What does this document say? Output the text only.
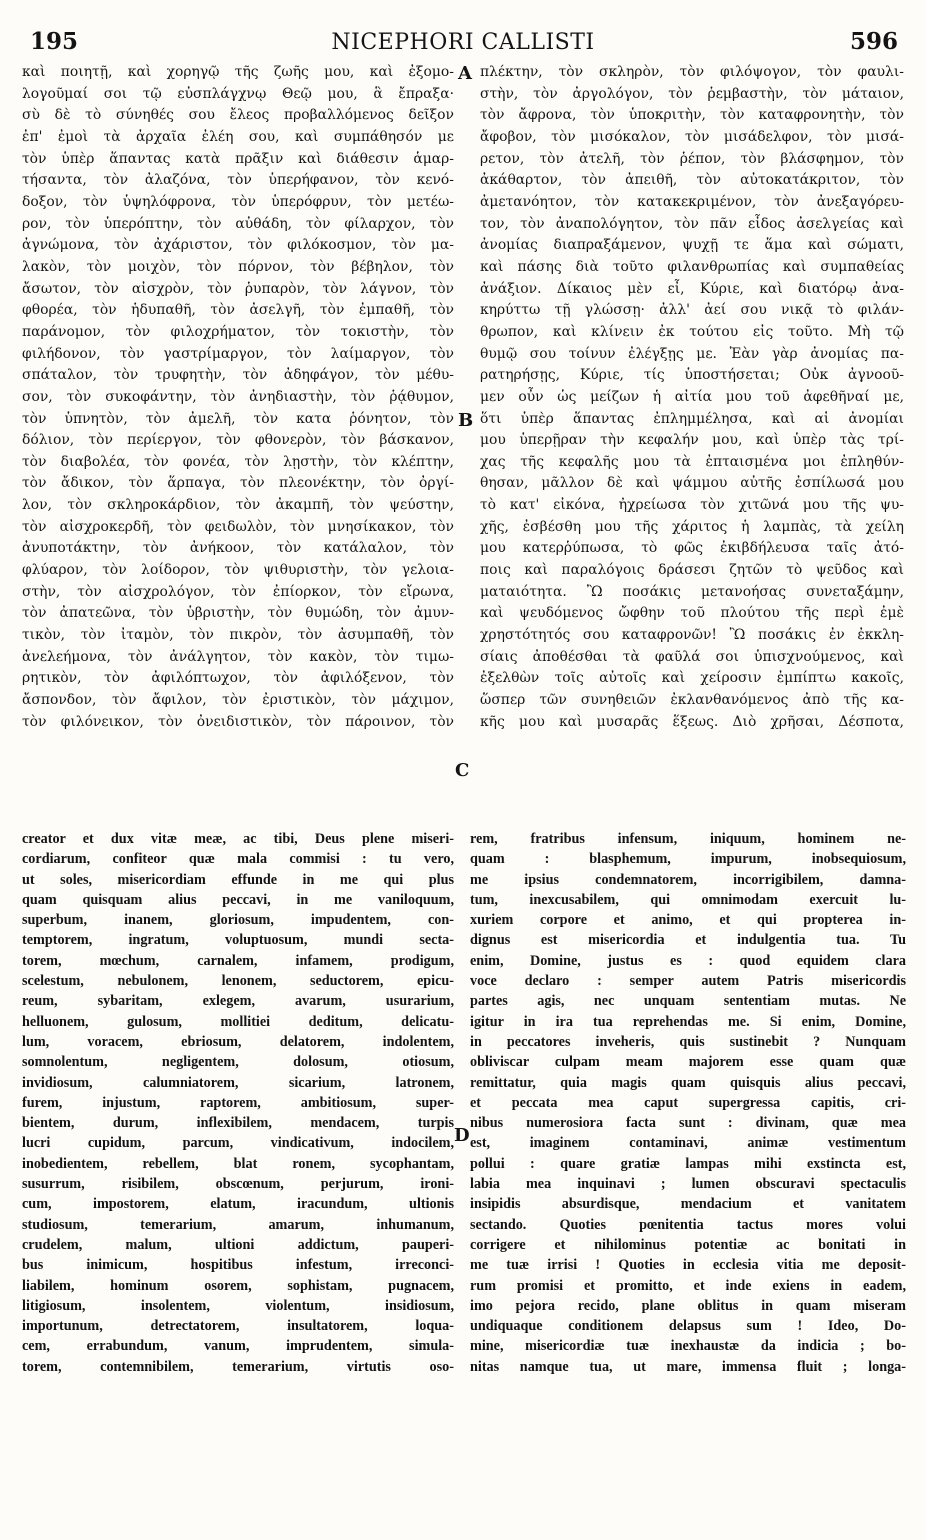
195	NICEPHORI CALLISTI	596
A
B
C
D
καὶ ποιητῇ, καὶ χορηγῷ τῆς ζωῆς μου, καὶ ἐξομο-
λογοῦμαί σοι τῷ εὐσπλάγχνῳ Θεῷ μου, ἃ ἔπραξα·
σὺ δὲ τὸ σύνηθές σου ἔλεος προβαλλόμενος δεῖξον
ἐπ' ἐμοὶ τὰ ἀρχαῖα ἐλέη σου, καὶ συμπάθησόν με
τὸν ὑπὲρ ἅπαντας κατὰ πρᾶξιν καὶ διάθεσιν ἁμαρ-
τήσαντα, τὸν ἀλαζόνα, τὸν ὑπερήφανον, τὸν κενό-
δοξον, τὸν ὑψηλόφρονα, τὸν ὑπερόφρυν, τὸν μετέω-
ρον, τὸν ὑπερόπτην, τὸν αὐθάδη, τὸν φίλαρχον, τὸν
ἀγνώμονα, τὸν ἀχάριστον, τὸν φιλόκοσμον, τὸν μα-
λακὸν, τὸν μοιχὸν, τὸν πόρνον, τὸν βέβηλον, τὸν
ἄσωτον, τὸν αἰσχρὸν, τὸν ῥυπαρὸν, τὸν λάγνον, τὸν
φθορέα, τὸν ἡδυπαθῆ, τὸν ἀσελγῆ, τὸν ἐμπαθῆ, τὸν
παράνομον, τὸν φιλοχρήματον, τὸν τοκιστὴν, τὸν
φιλήδονον, τὸν γαστρίμαργον, τὸν λαίμαργον, τὸν
σπάταλον, τὸν τρυφητὴν, τὸν ἀδηφάγον, τὸν μέθυ-
σον, τὸν συκοφάντην, τὸν ἀνηδιαστὴν, τὸν ῥᾴθυμον,
τὸν ὑπνητὸν, τὸν ἀμελῆ, τὸν κατα ῥόνητον, τὸν
δόλιον, τὸν περίεργον, τὸν φθονερὸν, τὸν βάσκανον,
τὸν διαβολέα, τὸν φονέα, τὸν λῃστὴν, τὸν κλέπτην,
τὸν ἄδικον, τὸν ἅρπαγα, τὸν πλεονέκτην, τὸν ὀργί-
λον, τὸν σκληροκάρδιον, τὸν ἀκαμπῆ, τὸν ψεύστην,
τὸν αἰσχροκερδῆ, τὸν φειδωλὸν, τὸν μνησίκακον, τὸν
ἀνυποτάκτην, τὸν ἀνήκοον, τὸν κατάλαλον, τὸν
φλύαρον, τὸν λοίδορον, τὸν ψιθυριστὴν, τὸν γελοια-
στὴν, τὸν αἰσχρολόγον, τὸν ἐπίορκον, τὸν εἴρωνα,
τὸν ἀπατεῶνα, τὸν ὑβριστὴν, τὸν θυμώδη, τὸν ἀμυν-
τικὸν, τὸν ἰταμὸν, τὸν πικρὸν, τὸν ἀσυμπαθῆ, τὸν
ἀνελεήμονα, τὸν ἀνάλγητον, τὸν κακὸν, τὸν τιμω-
ρητικὸν, τὸν ἀφιλόπτωχον, τὸν ἀφιλόξενον, τὸν
ἄσπονδον, τὸν ἄφιλον, τὸν ἐριστικὸν, τὸν μάχιμον,
τὸν φιλόνεικον, τὸν ὀνειδιστικὸν, τὸν πάροινον, τὸν
πλέκτην, τὸν σκληρὸν, τὸν φιλόψογον, τὸν φαυλι-
στὴν, τὸν ἀργολόγον, τὸν ῥεμβαστὴν, τὸν μάταιον,
τὸν ἄφρονα, τὸν ὑποκριτὴν, τὸν καταφρονητὴν, τὸν
ἄφοβον, τὸν μισόκαλον, τὸν μισάδελφον, τὸν μισά-
ρετον, τὸν ἀτελῆ, τὸν ῥέπον, τὸν βλάσφημον, τὸν
ἀκάθαρτον, τὸν ἀπειθῆ, τὸν αὐτοκατάκριτον, τὸν
ἀμετανόητον, τὸν κατακεκριμένον, τὸν ἀνεξαγόρευ-
τον, τὸν ἀναπολόγητον, τὸν πᾶν εἶδος ἀσελγείας καὶ
ἀνομίας διαπραξάμενον, ψυχῇ τε ἅμα καὶ σώματι,
καὶ πάσης διὰ τοῦτο φιλανθρωπίας καὶ συμπαθείας
ἀνάξιον. Δίκαιος μὲν εἶ, Κύριε, καὶ διατόρῳ ἀνα-
κηρύττω τῇ γλώσσῃ· ἀλλ' ἀεί σου νικᾷ τὸ φιλάν-
θρωπον, καὶ κλίνειν ἐκ τούτου εἰς τοῦτο. Μὴ τῷ
θυμῷ σου τοίνυν ἐλέγξῃς με. Ἐὰν γὰρ ἀνομίας πα-
ρατηρήσῃς, Κύριε, τίς ὑποστήσεται; Οὐκ ἀγνοοῦ-
μεν οὖν ὡς μείζων ἡ αἰτία μου τοῦ ἀφεθῆναί με,
ὅτι ὑπὲρ ἅπαντας ἐπλημμέλησα, καὶ αἱ ἀνομίαι
μου ὑπερῇραν τὴν κεφαλήν μου, καὶ ὑπὲρ τὰς τρί-
χας τῆς κεφαλῆς μου τὰ ἐπταισμένα μοι ἐπληθύν-
θησαν, μᾶλλον δὲ καὶ ψάμμου αὐτῆς ἐσπίλωσά μου
τὸ κατ' εἰκόνα, ἠχρείωσα τὸν χιτῶνά μου τῆς ψυ-
χῆς, ἐσβέσθη μου τῆς χάριτος ἡ λαμπὰς, τὰ χείλη
μου κατερῥύπωσα, τὸ φῶς ἐκιβδήλευσα ταῖς ἀτό-
ποις καὶ παραλόγοις δράσεσι ζητῶν τὸ ψεῦδος καὶ
ματαιότητα. Ὢ ποσάκις μετανοήσας συνεταξάμην,
καὶ ψευδόμενος ὤφθην τοῦ πλούτου τῆς περὶ ἐμὲ
χρηστότητός σου καταφρονῶν! Ὢ ποσάκις ἐν ἐκκλη-
σίαις ἀποθέσθαι τὰ φαῦλά σοι ὑπισχνούμενος, καὶ
ἐξελθὼν τοῖς αὐτοῖς καὶ χείροσιν ἐμπίπτω κακοῖς,
ὥσπερ τῶν συνηθειῶν ἐκλανθανόμενος ἀπὸ τῆς κα-
κῆς μου καὶ μυσαρᾶς ἕξεως. Διὸ χρῆσαι, Δέσποτα,
creator et dux vitæ meæ, ac tibi, Deus plene miseri-
cordiarum, confiteor quæ mala commisi : tu vero,
ut soles, misericordiam effunde in me qui plus
quam quisquam alius peccavi, in me vaniloquum,
superbum, inanem, gloriosum, impudentem, con-
temptorem, ingratum, voluptuosum, mundi secta-
torem, mœchum, carnalem, infamem, prodigum,
scelestum, nebulonem, lenonem, seductorem, epicu-
reum, sybaritam, exlegem, avarum, usurarium,
helluonem, gulosum, mollitiei deditum, delicatu-
lum, voracem, ebriosum, delatorem, indolentem,
somnolentum, negligentem, dolosum, otiosum,
invidiosum, calumniatorem, sicarium, latronem,
furem, injustum, raptorem, ambitiosum, super-
bientem, durum, inflexibilem, mendacem, turpis
lucri cupidum, parcum, vindicativum, indocilem,
inobedientem, rebellem, blat ronem, sycophantam,
susurrum, risibilem, obscœnum, perjurum, ironi-
cum, impostorem, elatum, iracundum, ultionis
studiosum, temerarium, amarum, inhumanum,
crudelem, malum, ultioni addictum, pauperi-
bus inimicum, hospitibus infestum, irreconci-
liabilem, hominum osorem, sophistam, pugnacem,
litigiosum, insolentem, violentum, insidiosum,
importunum, detrectatorem, insultatorem, loqua-
cem, errabundum, vanum, imprudentem, simula-
torem, contemnibilem, temerarium, virtutis oso-
rem, fratribus infensum, iniquum, hominem ne-
quam : blasphemum, impurum, inobsequiosum,
me ipsius condemnatorem, incorrigibilem, damna-
tum, inexcusabilem, qui omnimodam exercuit lu-
xuriem corpore et animo, et qui propterea in-
dignus est misericordia et indulgentia tua. Tu
enim, Domine, justus es : quod equidem clara
voce declaro : semper autem Patris misericordis
partes agis, nec unquam sententiam mutas. Ne
igitur in ira tua reprehendas me. Si enim, Domine,
in peccatores inveheris, quis sustinebit ? Nunquam
obliviscar culpam meam majorem esse quam quæ
remittatur, quia magis quam quisquis alius peccavi,
et peccata mea caput supergressa capitis, cri-
nibus numerosiora facta sunt : divinam, quæ mea
est, imaginem contaminavi, animæ vestimentum
pollui : quare gratiæ lampas mihi exstincta est,
labia mea inquinavi ; lumen obscuravi spectaculis
insipidis absurdisque, mendacium et vanitatem
sectando. Quoties pœnitentia tactus mores volui
corrigere et nihilominus potentiæ ac bonitati in
me tuæ irrisi ! Quoties in ecclesia vitia me deposit-
rum promisi et promitto, et inde exiens in eadem,
imo pejora recido, plane oblitus in quam miseram
undiquaque conditionem delapsus sum ! Ideo, Do-
mine, misericordiæ tuæ inexhaustæ da indicia ; bo-
nitas namque tua, ut mare, immensa fluit ; longa-
